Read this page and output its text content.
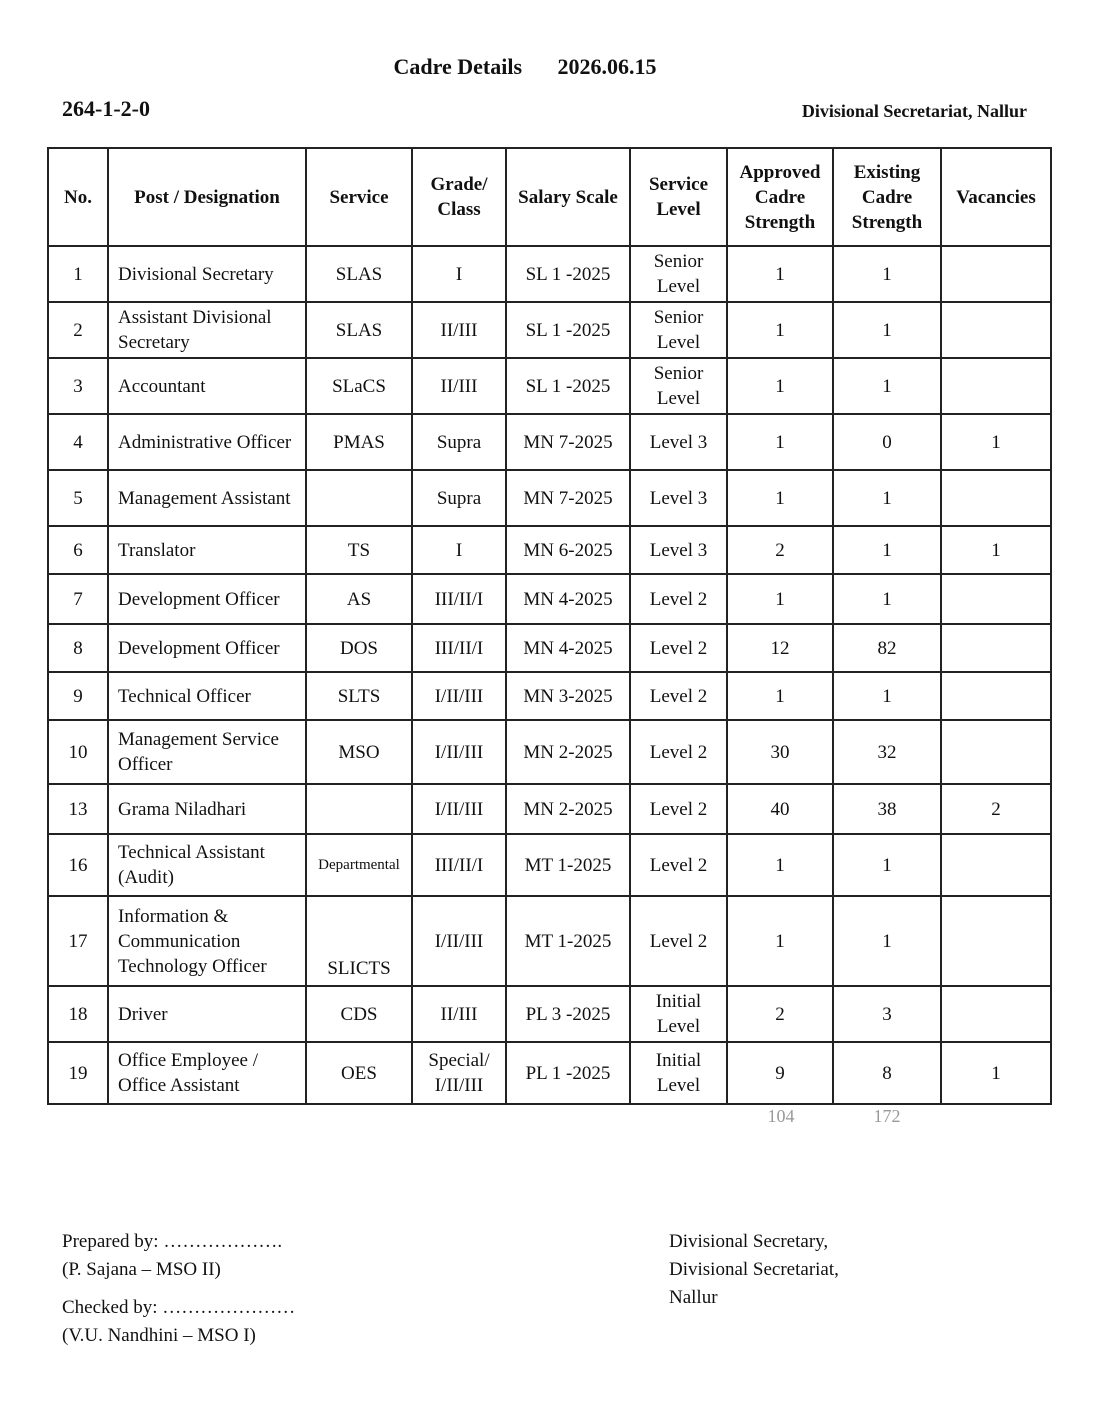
Cadre Details 2026.06.15
264-1-2-0	Divisional Secretariat, Nallur
No.	Post / Designation	Service	Grade/ Class	Salary Scale	Service Level	Approved Cadre Strength	Existing Cadre Strength	Vacancies
1	Divisional Secretary	SLAS	I	SL 1 -2025	Senior Level	1	1	
2	Assistant Divisional Secretary	SLAS	II/III	SL 1 -2025	Senior Level	1	1	
3	Accountant	SLaCS	II/III	SL 1 -2025	Senior Level	1	1	
4	Administrative Officer	PMAS	Supra	MN 7-2025	Level 3	1	0	1
5	Management Assistant		Supra	MN 7-2025	Level 3	1	1	
6	Translator	TS	I	MN 6-2025	Level 3	2	1	1
7	Development Officer	AS	III/II/I	MN 4-2025	Level 2	1	1	
8	Development Officer	DOS	III/II/I	MN 4-2025	Level 2	12	82	
9	Technical Officer	SLTS	I/II/III	MN 3-2025	Level 2	1	1	
10	Management Service Officer	MSO	I/II/III	MN 2-2025	Level 2	30	32	
13	Grama Niladhari		I/II/III	MN 2-2025	Level 2	40	38	2
16	Technical Assistant (Audit)	Departmental	III/II/I	MT 1-2025	Level 2	1	1	
17	Information & Communication Technology Officer	SLICTS	I/II/III	MT 1-2025	Level 2	1	1	
18	Driver	CDS	II/III	PL 3 -2025	Initial Level	2	3	
19	Office Employee / Office Assistant	OES	Special/ I/II/III	PL 1 -2025	Initial Level	9	8	1
104	172
Prepared by: ……………….
(P. Sajana – MSO II)
Checked by: …………………
(V.U. Nandhini – MSO I)
Divisional Secretary,
Divisional Secretariat,
Nallur
